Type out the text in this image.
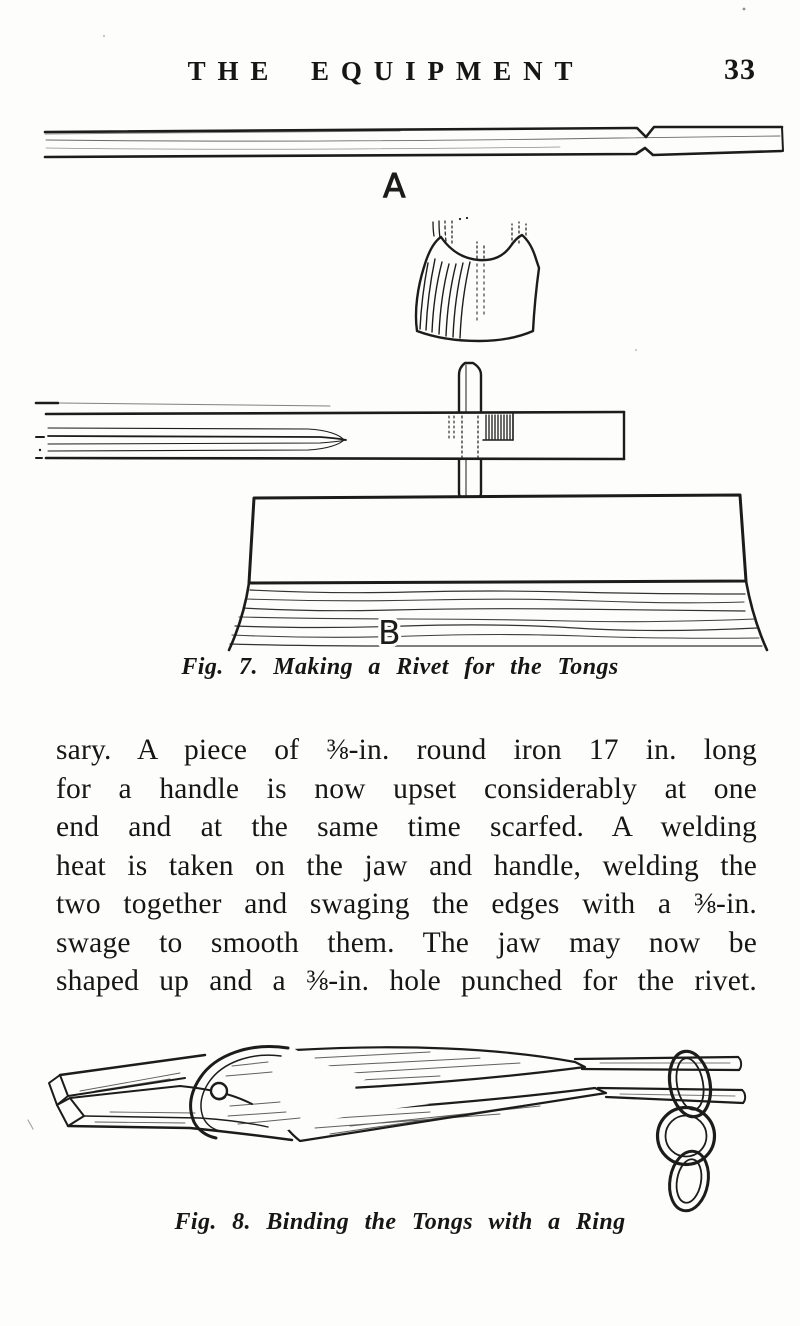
A
B
THE EQUIPMENT	33
Fig. 7. Making a Rivet for the Tongs
sary. A piece of ⅜-in. round iron 17 in. long
for a handle is now upset considerably at one
end and at the same time scarfed. A welding
heat is taken on the jaw and handle, welding the
two together and swaging the edges with a ⅜-in.
swage to smooth them. The jaw may now be
shaped up and a ⅜-in. hole punched for the rivet.
Fig. 8. Binding the Tongs with a Ring
